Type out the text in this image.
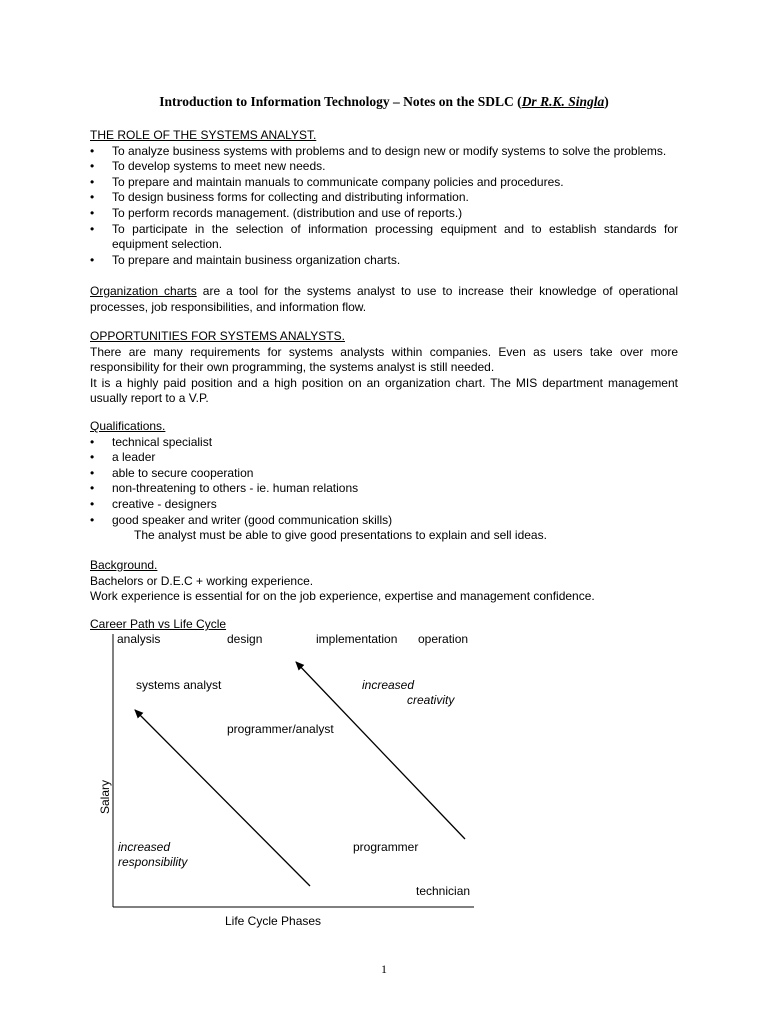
Introduction to Information Technology – Notes on the SDLC (Dr R.K. Singla)
THE ROLE OF THE SYSTEMS ANALYST.
• To analyze business systems with problems and to design new or modify systems to solve the problems.
• To develop systems to meet new needs.
• To prepare and maintain manuals to communicate company policies and procedures.
• To design business forms for collecting and distributing information.
• To perform records management. (distribution and use of reports.)
• To participate in the selection of information processing equipment and to establish standards for equipment selection.
• To prepare and maintain business organization charts.
Organization charts are a tool for the systems analyst to use to increase their knowledge of operational processes, job responsibilities, and information flow.
OPPORTUNITIES FOR SYSTEMS ANALYSTS.
There are many requirements for systems analysts within companies. Even as users take over more responsibility for their own programming, the systems analyst is still needed.
It is a highly paid position and a high position on an organization chart. The MIS department management usually report to a V.P.
Qualifications.
• technical specialist
• a leader
• able to secure cooperation
• non-threatening to others - ie. human relations
• creative - designers
• good speaker and writer (good communication skills)
The analyst must be able to give good presentations to explain and sell ideas.
Background.
Bachelors or D.E.C + working experience.
Work experience is essential for on the job experience, expertise and management confidence.
Career Path vs Life Cycle
analysis	design	implementation operation
systems analyst	increased
creativity
programmer/analyst
Salary
increased
responsibility
programmer
technician
Life Cycle Phases
1
